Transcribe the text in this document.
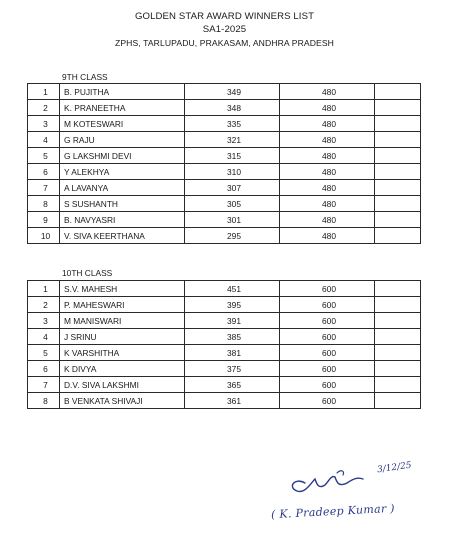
GOLDEN STAR AWARD WINNERS LIST
SA1-2025
ZPHS, TARLUPADU, PRAKASAM, ANDHRA PRADESH
9TH CLASS
1	B. PUJITHA	349	480	
2	K. PRANEETHA	348	480	
3	M KOTESWARI	335	480	
4	G RAJU	321	480	
5	G LAKSHMI DEVI	315	480	
6	Y ALEKHYA	310	480	
7	A LAVANYA	307	480	
8	S SUSHANTH	305	480	
9	B. NAVYASRI	301	480	
10	V. SIVA KEERTHANA	295	480	
10TH CLASS
1	S.V. MAHESH	451	600	
2	P. MAHESWARI	395	600	
3	M MANISWARI	391	600	
4	J SRINU	385	600	
5	K VARSHITHA	381	600	
6	K DIVYA	375	600	
7	D.V. SIVA LAKSHMI	365	600	
8	B VENKATA SHIVAJI	361	600	
3/12/25
( K. Pradeep Kumar )
